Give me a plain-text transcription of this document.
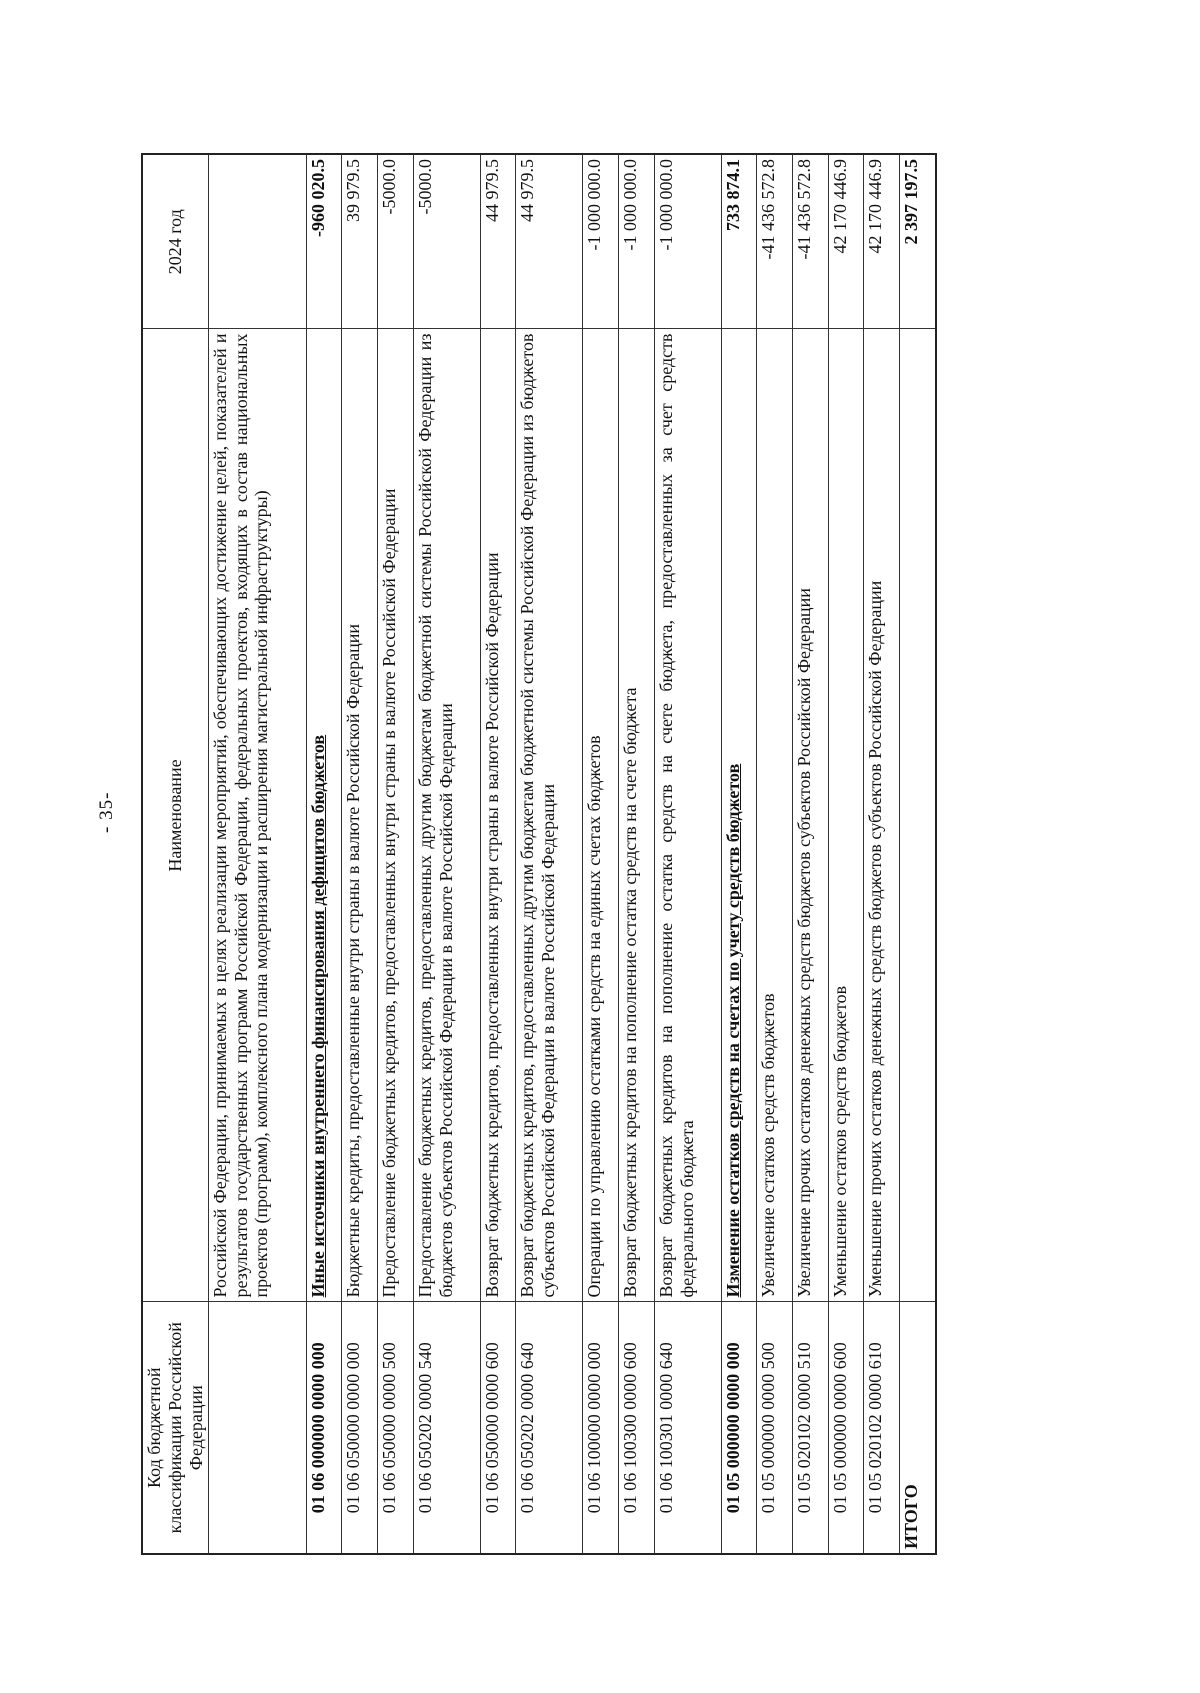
- 35-
Код бюджетной классификации Российской Федерации	Наименование	2024 год
	Российской Федерации, принимаемых в целях реализации мероприятий, обеспечивающих достижение целей, показателей и результатов государственных программ Российской Федерации, федеральных проектов, входящих в состав национальных проектов (программ), комплексного плана модернизации и расширения магистральной инфраструктуры)	
01 06 000000 0000 000	Иные источники внутреннего финансирования дефицитов бюджетов	-960 020.5
01 06 050000 0000 000	Бюджетные кредиты, предоставленные внутри страны в валюте Российской Федерации	39 979.5
01 06 050000 0000 500	Предоставление бюджетных кредитов, предоставленных внутри страны в валюте Российской Федерации	-5000.0
01 06 050202 0000 540	Предоставление бюджетных кредитов, предоставленных другим бюджетам бюджетной системы Российской Федерации из бюджетов субъектов Российской Федерации в валюте Российской Федерации	-5000.0
01 06 050000 0000 600	Возврат бюджетных кредитов, предоставленных внутри страны в валюте Российской Федерации	44 979.5
01 06 050202 0000 640	Возврат бюджетных кредитов, предоставленных другим бюджетам бюджетной системы Российской Федерации из бюджетов субъектов Российской Федерации в валюте Российской Федерации	44 979.5
01 06 100000 0000 000	Операции по управлению остатками средств на единых счетах бюджетов	-1 000 000.0
01 06 100300 0000 600	Возврат бюджетных кредитов на пополнение остатка средств на счете бюджета	-1 000 000.0
01 06 100301 0000 640	Возврат бюджетных кредитов на пополнение остатка средств на счете бюджета, предоставленных за счет средств федерального бюджета	-1 000 000.0
01 05 000000 0000 000	Изменение остатков средств на счетах по учету средств бюджетов	733 874.1
01 05 000000 0000 500	Увеличение остатков средств бюджетов	-41 436 572.8
01 05 020102 0000 510	Увеличение прочих остатков денежных средств бюджетов субъектов Российской Федерации	-41 436 572.8
01 05 000000 0000 600	Уменьшение остатков средств бюджетов	42 170 446.9
01 05 020102 0000 610	Уменьшение прочих остатков денежных средств бюджетов субъектов Российской Федерации	42 170 446.9
ИТОГО		2 397 197.5
